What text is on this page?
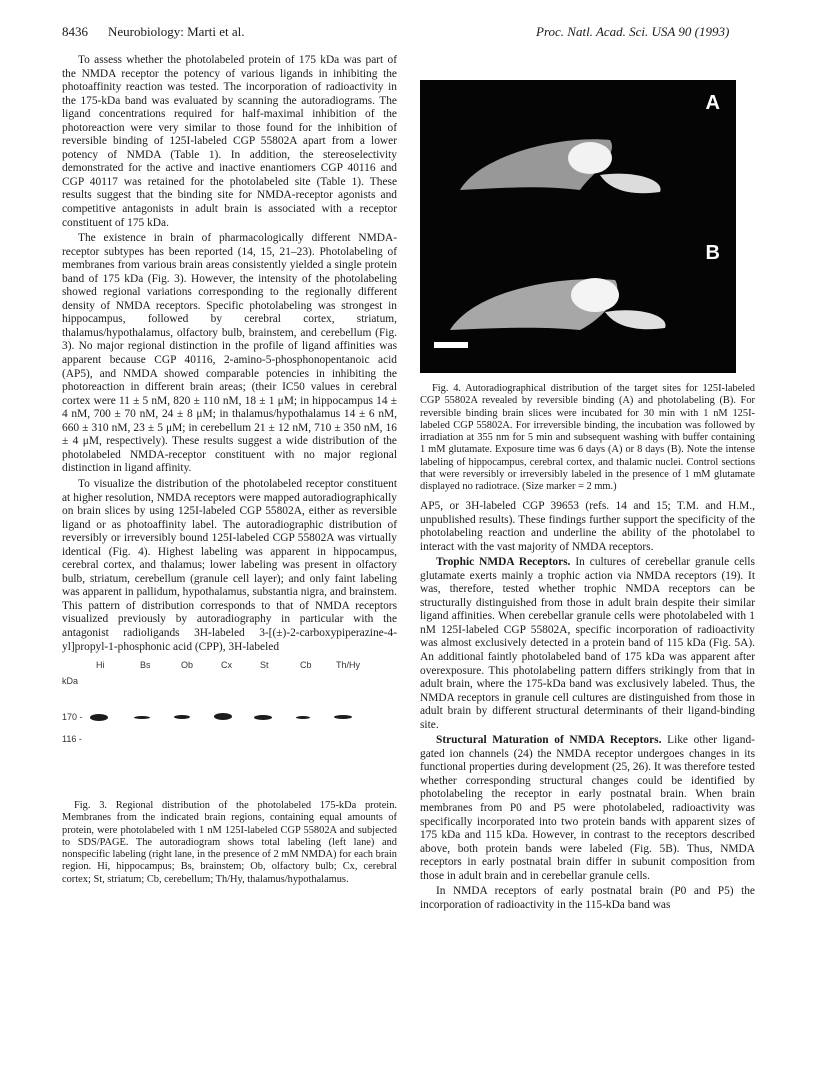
8436 Neurobiology: Marti et al.	Proc. Natl. Acad. Sci. USA 90 (1993)

To assess whether the photolabeled protein of 175 kDa was part of the NMDA receptor the potency of various ligands in inhibiting the photoaffinity reaction was tested. The incorporation of radioactivity in the 175-kDa band was evaluated by scanning the autoradiograms. The ligand concentrations required for half-maximal inhibition of the photoreaction were very similar to those found for the inhibition of reversible binding of 125I-labeled CGP 55802A apart from a lower potency of NMDA (Table 1). In addition, the stereoselectivity demonstrated for the active and inactive enantiomers CGP 40116 and CGP 40117 was retained for the photolabeled site (Table 1). These results suggest that the binding site for NMDA-receptor agonists and competitive antagonists in adult brain is associated with a receptor constituent of 175 kDa.

The existence in brain of pharmacologically different NMDA-receptor subtypes has been reported (14, 15, 21–23). Photolabeling of membranes from various brain areas consistently yielded a single protein band of 175 kDa (Fig. 3). However, the intensity of the photolabeling showed regional variations corresponding to the regionally different density of NMDA receptors. Specific photolabeling was strongest in hippocampus, followed by cerebral cortex, striatum, thalamus/hypothalamus, olfactory bulb, brainstem, and cerebellum (Fig. 3). No major regional distinction in the profile of ligand affinities was apparent because CGP 40116, 2-amino-5-phosphonopentanoic acid (AP5), and NMDA showed comparable potencies in inhibiting the photoreaction in different brain areas; (their IC50 values in cerebral cortex were 11 ± 5 nM, 820 ± 110 nM, 18 ± 1 μM; in hippocampus 14 ± 4 nM, 700 ± 70 nM, 24 ± 8 μM; in thalamus/hypothalamus 14 ± 6 nM, 660 ± 310 nM, 23 ± 5 μM; in cerebellum 21 ± 12 nM, 710 ± 350 nM, 16 ± 4 μM, respectively). These results suggest a wide distribution of the photolabeled NMDA-receptor constituent with no major regional distinction in ligand affinity.

To visualize the distribution of the photolabeled receptor constituent at higher resolution, NMDA receptors were mapped autoradiographically on brain slices by using 125I-labeled CGP 55802A, either as reversible ligand or as photoaffinity label. The autoradiographic distribution of reversibly or irreversibly bound 125I-labeled CGP 55802A was virtually identical (Fig. 4). Highest labeling was apparent in hippocampus, cerebral cortex, and thalamus; lower labeling was present in olfactory bulb, striatum, cerebellum (granule cell layer); and only faint labeling was apparent in pallidum, hypothalamus, substantia nigra, and brainstem. This pattern of distribution corresponds to that of NMDA receptors visualized previously by autoradiography in particular with the antagonist radioligands 3H-labeled 3-[(±)-2-carboxypiperazine-4-yl]propyl-1-phosphonic acid (CPP), 3H-labeled

Hi	Bs	Ob	Cx	St	Cb	Th/Hy
kDa
170 -
116 -

Fig. 3. Regional distribution of the photolabeled 175-kDa protein. Membranes from the indicated brain regions, containing equal amounts of protein, were photolabeled with 1 nM 125I-labeled CGP 55802A and subjected to SDS/PAGE. The autoradiogram shows total labeling (left lane) and nonspecific labeling (right lane, in the presence of 2 mM NMDA) for each brain region. Hi, hippocampus; Bs, brainstem; Ob, olfactory bulb; Cx, cerebral cortex; St, striatum; Cb, cerebellum; Th/Hy, thalamus/hypothalamus.

A
B

Fig. 4. Autoradiographical distribution of the target sites for 125I-labeled CGP 55802A revealed by reversible binding (A) and photolabeling (B). For reversible binding brain slices were incubated for 30 min with 1 nM 125I-labeled CGP 55802A. For irreversible binding, the incubation was followed by irradiation at 355 nm for 5 min and subsequent washing with buffer containing 1 mM glutamate. Exposure time was 6 days (A) or 8 days (B). Note the intense labeling of hippocampus, cerebral cortex, and thalamic nuclei. Control sections that were reversibly or irreversibly labeled in the presence of 1 mM glutamate displayed no radiotrace. (Size marker = 2 mm.)

AP5, or 3H-labeled CGP 39653 (refs. 14 and 15; T.M. and H.M., unpublished results). These findings further support the specificity of the photolabeling reaction and underline the ability of the photolabel to interact with the vast majority of NMDA receptors.

Trophic NMDA Receptors. In cultures of cerebellar granule cells glutamate exerts mainly a trophic action via NMDA receptors (19). It was, therefore, tested whether trophic NMDA receptors can be structurally distinguished from those in adult brain despite their similar ligand affinities. When cerebellar granule cells were photolabeled with 1 nM 125I-labeled CGP 55802A, specific incorporation of radioactivity was almost exclusively detected in a protein band of 115 kDa (Fig. 5A). An additional faintly photolabeled band of 175 kDa was apparent after overexposure. This photolabeling pattern differs strikingly from that in adult brain, where the 175-kDa band was exclusively labeled. Thus, the NMDA receptors in granule cell cultures are distinguished from those in adult brain by different structural determinants of their ligand-binding site.

Structural Maturation of NMDA Receptors. Like other ligand-gated ion channels (24) the NMDA receptor undergoes changes in its functional properties during development (25, 26). It was therefore tested whether corresponding structural changes could be identified by photolabeling the receptor in early postnatal brain. When brain membranes from P0 and P5 were photolabeled, radioactivity was specifically incorporated into two protein bands with apparent sizes of 175 kDa and 115 kDa. However, in contrast to the receptors described above, both protein bands were labeled (Fig. 5B). Thus, NMDA receptors in early postnatal brain differ in subunit composition from those in adult brain and in cerebellar granule cells.

In NMDA receptors of early postnatal brain (P0 and P5) the incorporation of radioactivity in the 115-kDa band was
